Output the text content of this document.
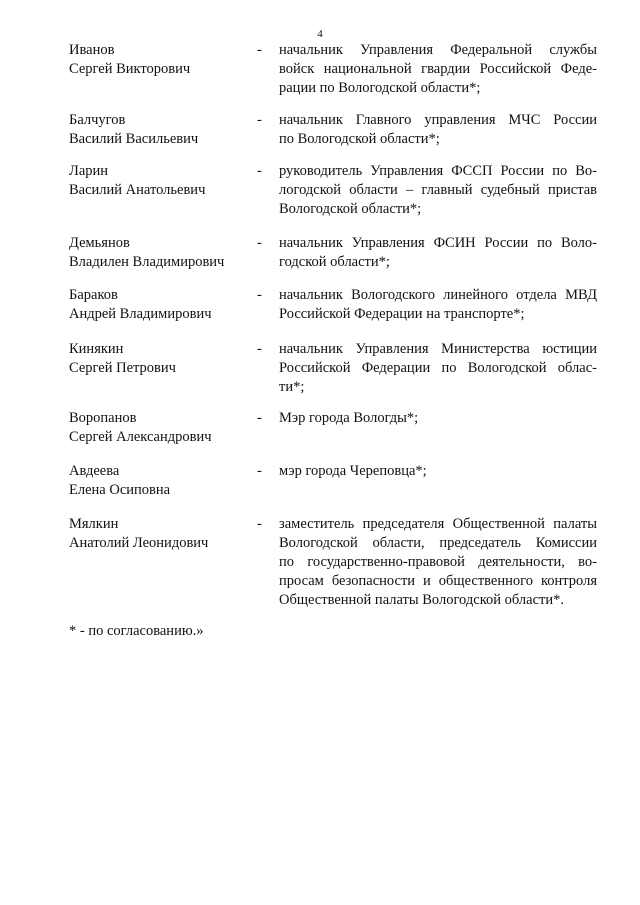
4
Иванов
Сергей Викторович
-	начальник Управления Федеральной службы
войск национальной гвардии Российской Феде-
рации по Вологодской области*;
Балчугов
Василий Васильевич
-	начальник Главного управления МЧС России
по Вологодской области*;
Ларин
Василий Анатольевич
-	руководитель Управления ФССП России по Во-
логодской области – главный судебный пристав
Вологодской области*;
Демьянов
Владилен Владимирович
-	начальник Управления ФСИН России по Воло-
годской области*;
Бараков
Андрей Владимирович
-	начальник Вологодского линейного отдела МВД
Российской Федерации на транспорте*;
Кинякин
Сергей Петрович
-	начальник Управления Министерства юстиции
Российской Федерации по Вологодской облас-
ти*;
Воропанов
Сергей Александрович
-	Мэр города Вологды*;
Авдеева
Елена Осиповна
-	мэр города Череповца*;
Мялкин
Анатолий Леонидович
-	заместитель председателя Общественной палаты
Вологодской области, председатель Комиссии
по государственно-правовой деятельности, во-
просам безопасности и общественного контроля
Общественной палаты Вологодской области*.
* - по согласованию.»
